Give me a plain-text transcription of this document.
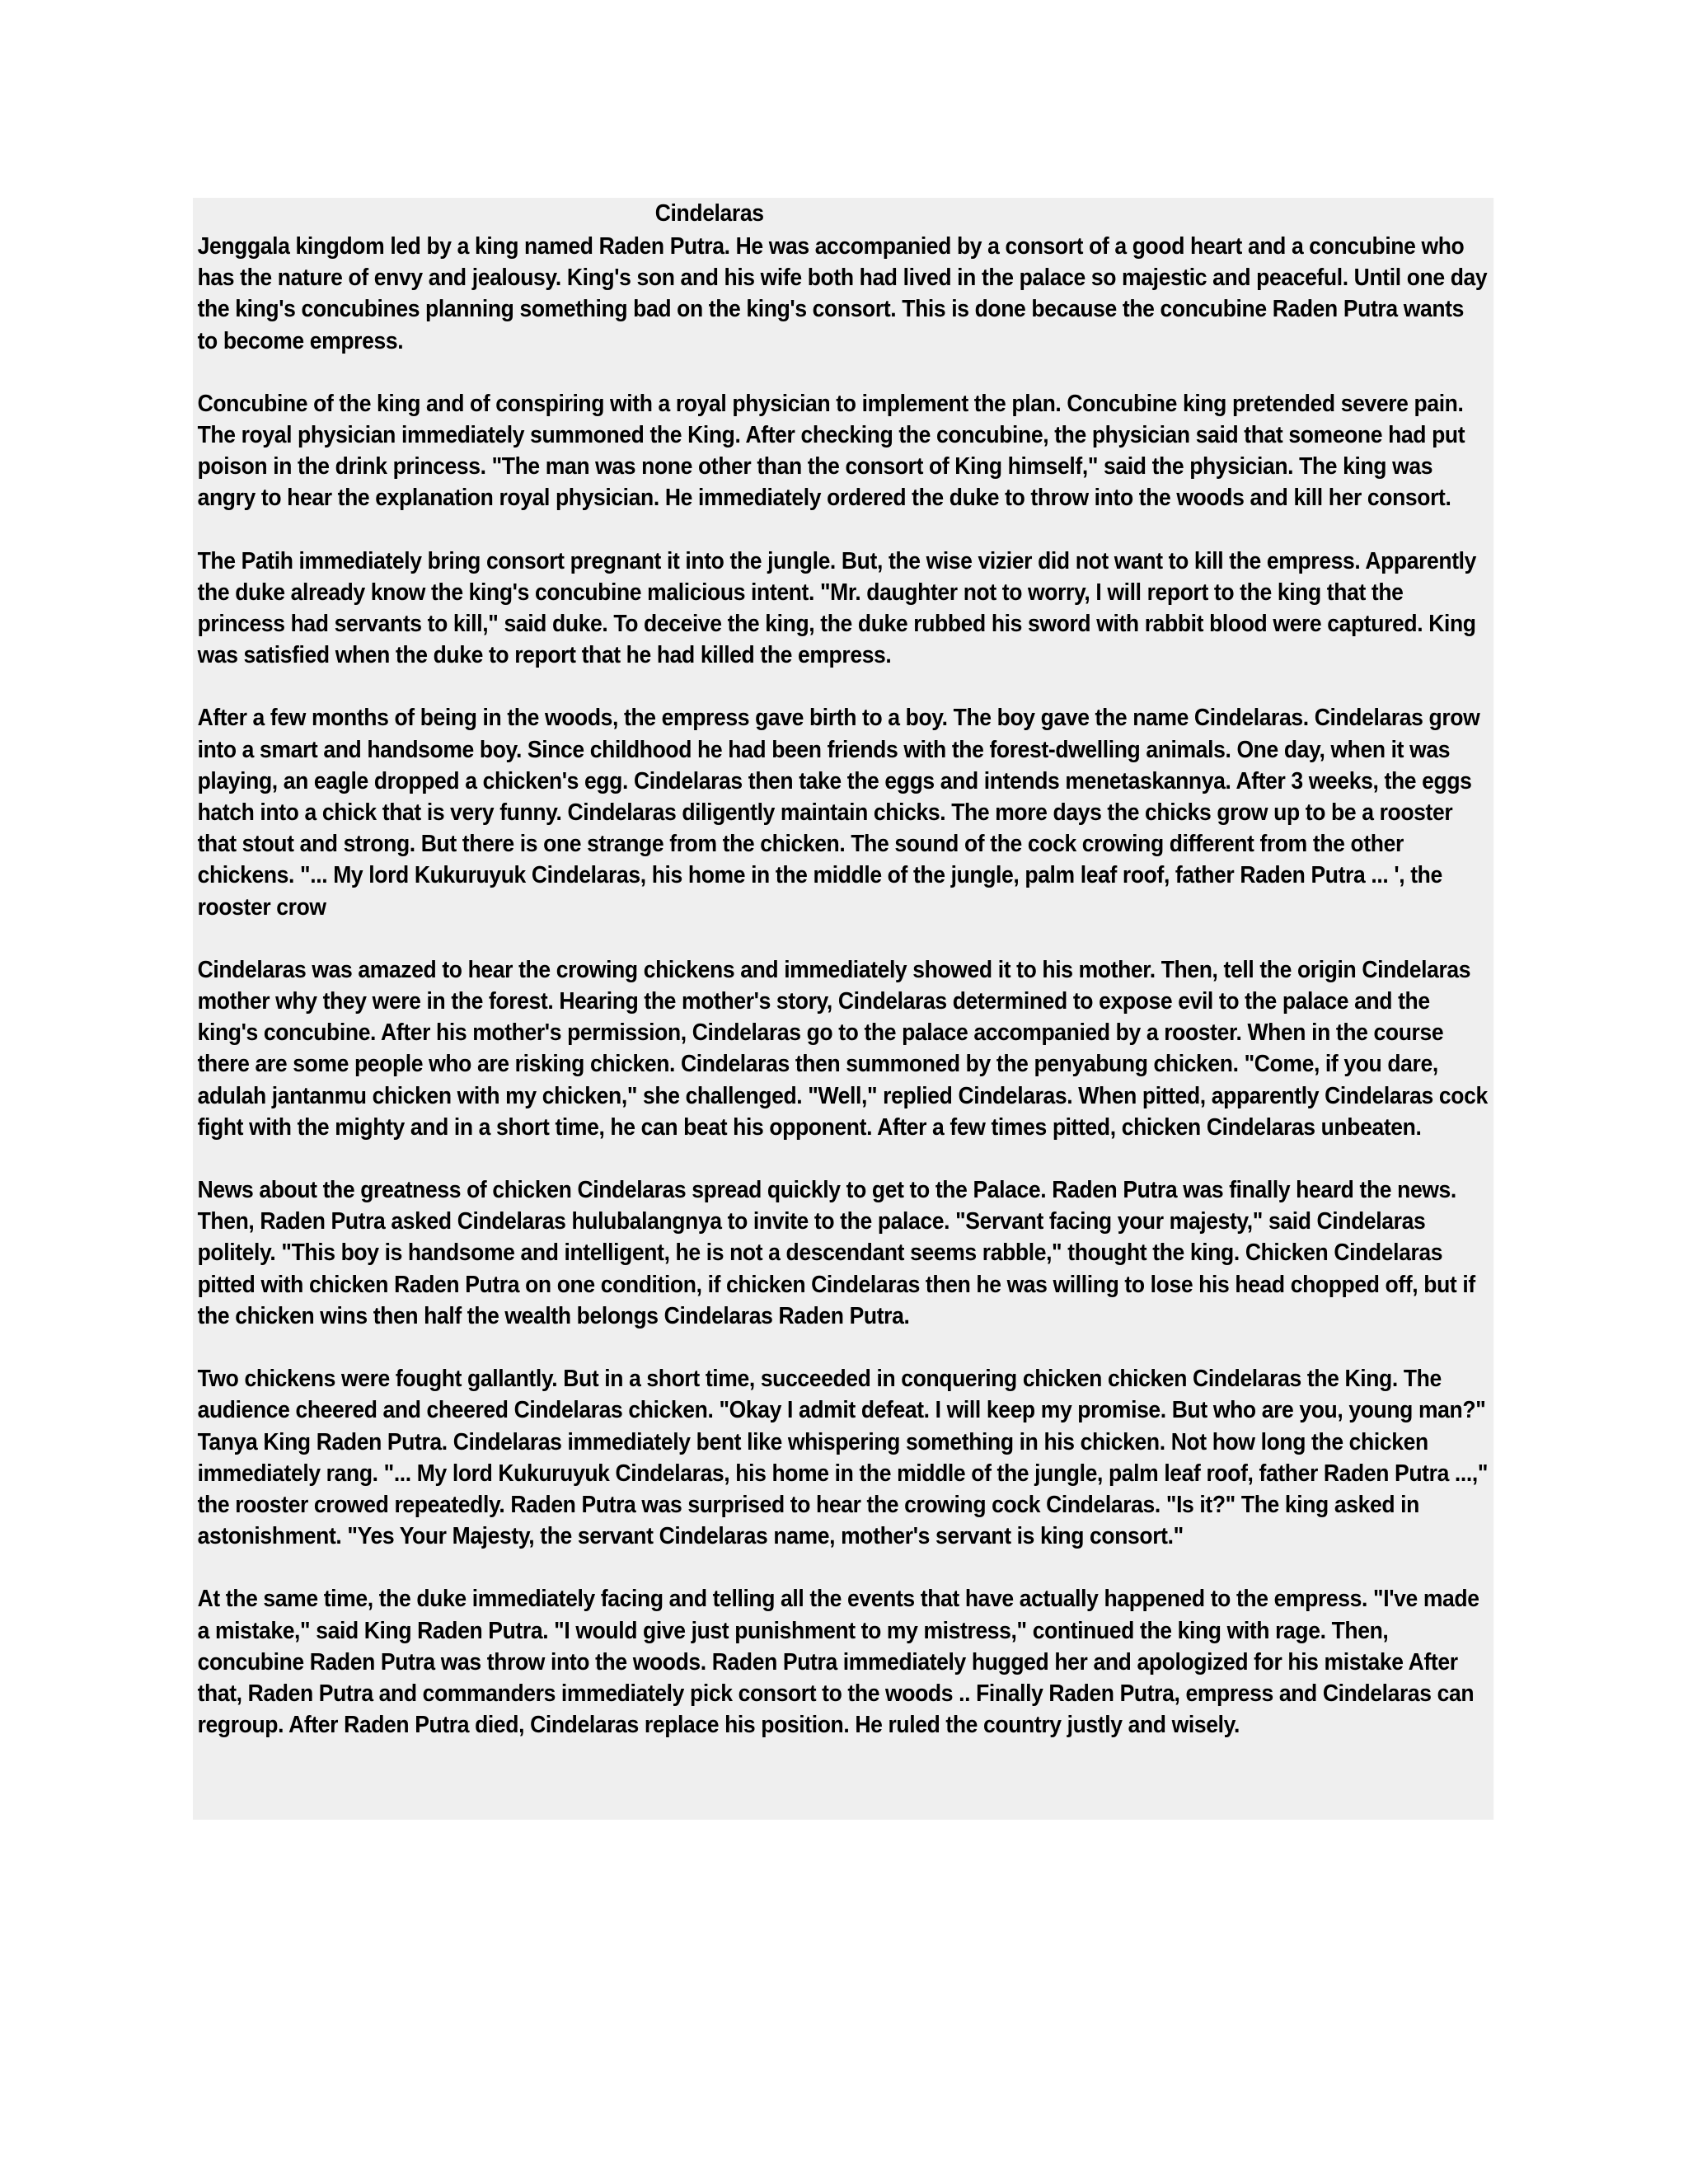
Cindelaras

Jenggala kingdom led by a king named Raden Putra. He was accompanied by a consort of a good heart and a concubine who has the nature of envy and jealousy. King's son and his wife both had lived in the palace so majestic and peaceful. Until one day the king's concubines planning something bad on the king's consort. This is done because the concubine Raden Putra wants to become empress.

Concubine of the king and of conspiring with a royal physician to implement the plan. Concubine king pretended severe pain. The royal physician immediately summoned the King. After checking the concubine, the physician said that someone had put poison in the drink princess. "The man was none other than the consort of King himself," said the physician. The king was angry to hear the explanation royal physician. He immediately ordered the duke to throw into the woods and kill her consort.

The Patih immediately bring consort pregnant it into the jungle. But, the wise vizier did not want to kill the empress. Apparently the duke already know the king's concubine malicious intent. "Mr. daughter not to worry, I will report to the king that the princess had servants to kill," said duke. To deceive the king, the duke rubbed his sword with rabbit blood were captured. King was satisfied when the duke to report that he had killed the empress.

After a few months of being in the woods, the empress gave birth to a boy. The boy gave the name Cindelaras. Cindelaras grow into a smart and handsome boy. Since childhood he had been friends with the forest-dwelling animals. One day, when it was playing, an eagle dropped a chicken's egg. Cindelaras then take the eggs and intends menetaskannya. After 3 weeks, the eggs hatch into a chick that is very funny. Cindelaras diligently maintain chicks. The more days the chicks grow up to be a rooster that stout and strong. But there is one strange from the chicken. The sound of the cock crowing different from the other chickens. "... My lord Kukuruyuk Cindelaras, his home in the middle of the jungle, palm leaf roof, father Raden Putra ... ', the rooster crow

Cindelaras was amazed to hear the crowing chickens and immediately showed it to his mother. Then, tell the origin Cindelaras mother why they were in the forest. Hearing the mother's story, Cindelaras determined to expose evil to the palace and the king's concubine. After his mother's permission, Cindelaras go to the palace accompanied by a rooster. When in the course there are some people who are risking chicken. Cindelaras then summoned by the penyabung chicken. "Come, if you dare, adulah jantanmu chicken with my chicken," she challenged. "Well," replied Cindelaras. When pitted, apparently Cindelaras cock fight with the mighty and in a short time, he can beat his opponent. After a few times pitted, chicken Cindelaras unbeaten.

News about the greatness of chicken Cindelaras spread quickly to get to the Palace. Raden Putra was finally heard the news. Then, Raden Putra asked Cindelaras hulubalangnya to invite to the palace. "Servant facing your majesty," said Cindelaras politely. "This boy is handsome and intelligent, he is not a descendant seems rabble," thought the king. Chicken Cindelaras pitted with chicken Raden Putra on one condition, if chicken Cindelaras then he was willing to lose his head chopped off, but if the chicken wins then half the wealth belongs Cindelaras Raden Putra.

Two chickens were fought gallantly. But in a short time, succeeded in conquering chicken chicken Cindelaras the King. The audience cheered and cheered Cindelaras chicken. "Okay I admit defeat. I will keep my promise. But who are you, young man?" Tanya King Raden Putra. Cindelaras immediately bent like whispering something in his chicken. Not how long the chicken immediately rang. "... My lord Kukuruyuk Cindelaras, his home in the middle of the jungle, palm leaf roof, father Raden Putra ...," the rooster crowed repeatedly. Raden Putra was surprised to hear the crowing cock Cindelaras. "Is it?" The king asked in astonishment. "Yes Your Majesty, the servant Cindelaras name, mother's servant is king consort."

At the same time, the duke immediately facing and telling all the events that have actually happened to the empress. "I've made a mistake," said King Raden Putra. "I would give just punishment to my mistress," continued the king with rage. Then, concubine Raden Putra was throw into the woods. Raden Putra immediately hugged her and apologized for his mistake After that, Raden Putra and commanders immediately pick consort to the woods .. Finally Raden Putra, empress and Cindelaras can regroup. After Raden Putra died, Cindelaras replace his position. He ruled the country justly and wisely.
